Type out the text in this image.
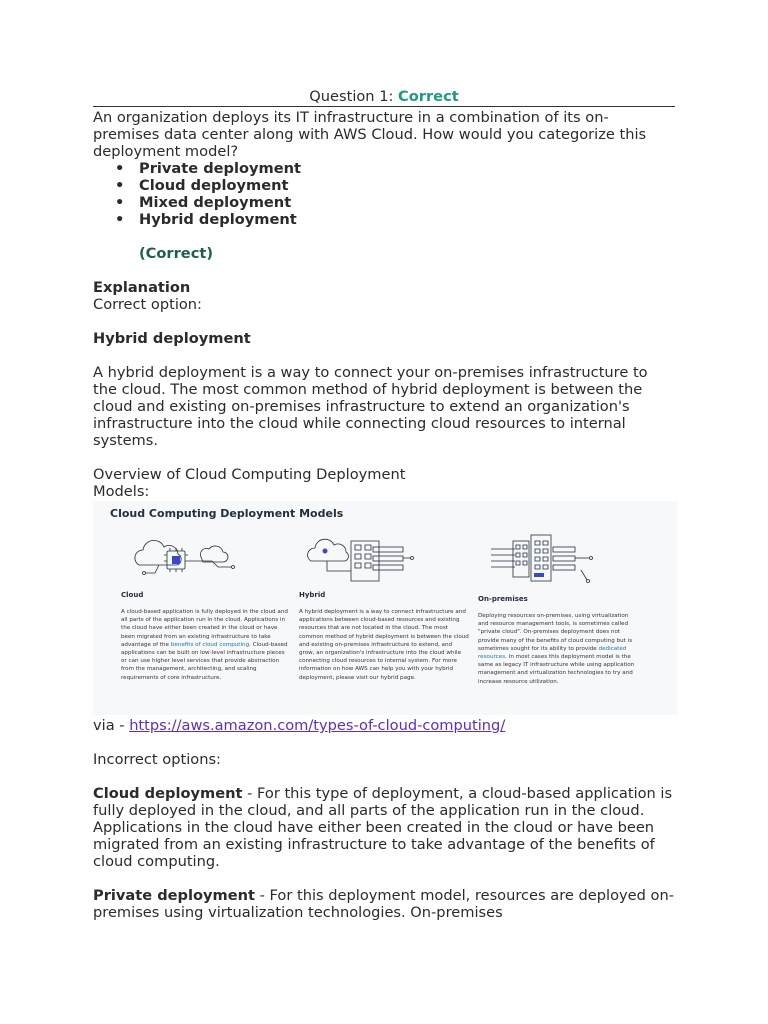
Question 1: Correct
An organization deploys its IT infrastructure in a combination of its on-premises data center along with AWS Cloud. How would you categorize this deployment model?
• Private deployment
• Cloud deployment
• Mixed deployment
• Hybrid deployment
(Correct)
Explanation
Correct option:
Hybrid deployment
A hybrid deployment is a way to connect your on-premises infrastructure to the cloud. The most common method of hybrid deployment is between the cloud and existing on-premises infrastructure to extend an organization's infrastructure into the cloud while connecting cloud resources to internal systems.
Overview of Cloud Computing Deployment
Models:
Cloud Computing Deployment Models
Cloud
A cloud-based application is fully deployed in the cloud and all parts of the application run in the cloud. Applications in the cloud have either been created in the cloud or have been migrated from an existing infrastructure to take advantage of the benefits of cloud computing. Cloud-based applications can be built on low-level infrastructure pieces or can use higher level services that provide abstraction from the management, architecting, and scaling requirements of core infrastructure.
Hybrid
A hybrid deployment is a way to connect infrastructure and applications between cloud-based resources and existing resources that are not located in the cloud. The most common method of hybrid deployment is between the cloud and existing on-premises infrastructure to extend, and grow, an organization's infrastructure into the cloud while connecting cloud resources to internal system. For more information on how AWS can help you with your hybrid deployment, please visit our hybrid page.
On-premises
Deploying resources on-premises, using virtualization and resource management tools, is sometimes called "private cloud". On-premises deployment does not provide many of the benefits of cloud computing but is sometimes sought for its ability to provide dedicated resources. In most cases this deployment model is the same as legacy IT infrastructure while using application management and virtualization technologies to try and increase resource utilization.
via - https://aws.amazon.com/types-of-cloud-computing/
Incorrect options:
Cloud deployment - For this type of deployment, a cloud-based application is fully deployed in the cloud, and all parts of the application run in the cloud. Applications in the cloud have either been created in the cloud or have been migrated from an existing infrastructure to take advantage of the benefits of cloud computing.
Private deployment - For this deployment model, resources are deployed on-premises using virtualization technologies. On-premises
